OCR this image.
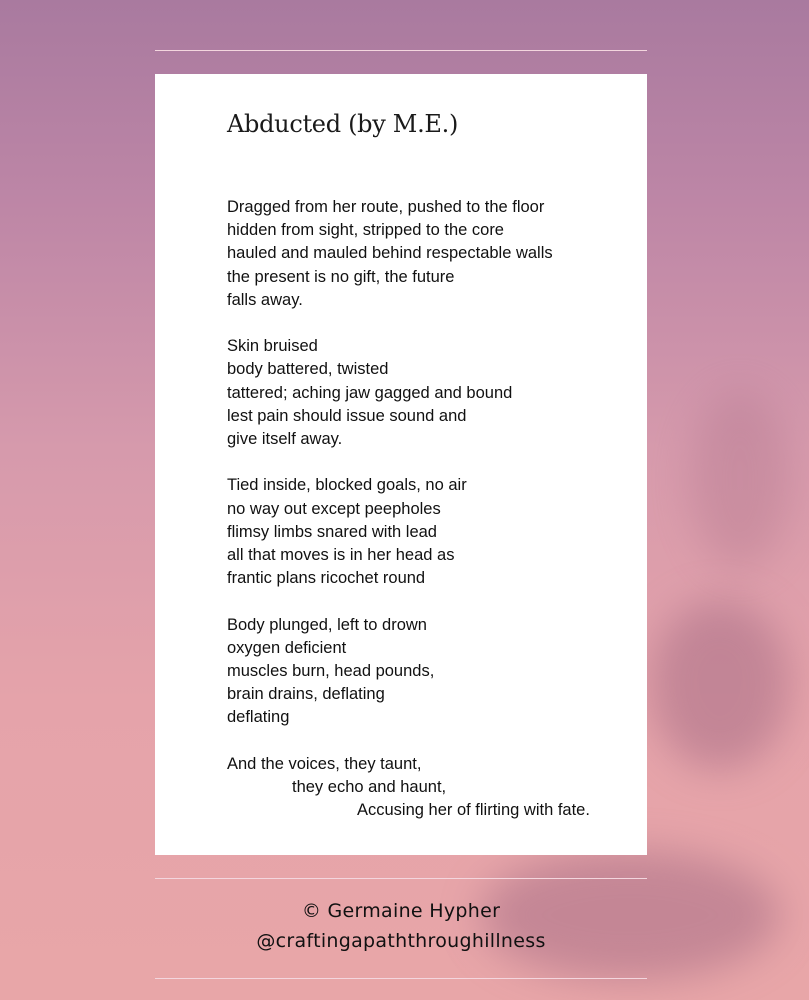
Abducted (by M.E.)
Dragged from her route, pushed to the floor
hidden from sight, stripped to the core
hauled and mauled behind respectable walls
the present is no gift, the future
falls away.
Skin bruised
body battered, twisted
tattered; aching jaw gagged and bound
lest pain should issue sound and
give itself away.
Tied inside, blocked goals, no air
no way out except peepholes
flimsy limbs snared with lead
all that moves is in her head as
frantic plans ricochet round
Body plunged, left to drown
oxygen deficient
muscles burn, head pounds,
brain drains, deflating
deflating
And the voices, they taunt,
they echo and haunt,
Accusing her of flirting with fate.
© Germaine Hypher
@craftingapaththroughillness
